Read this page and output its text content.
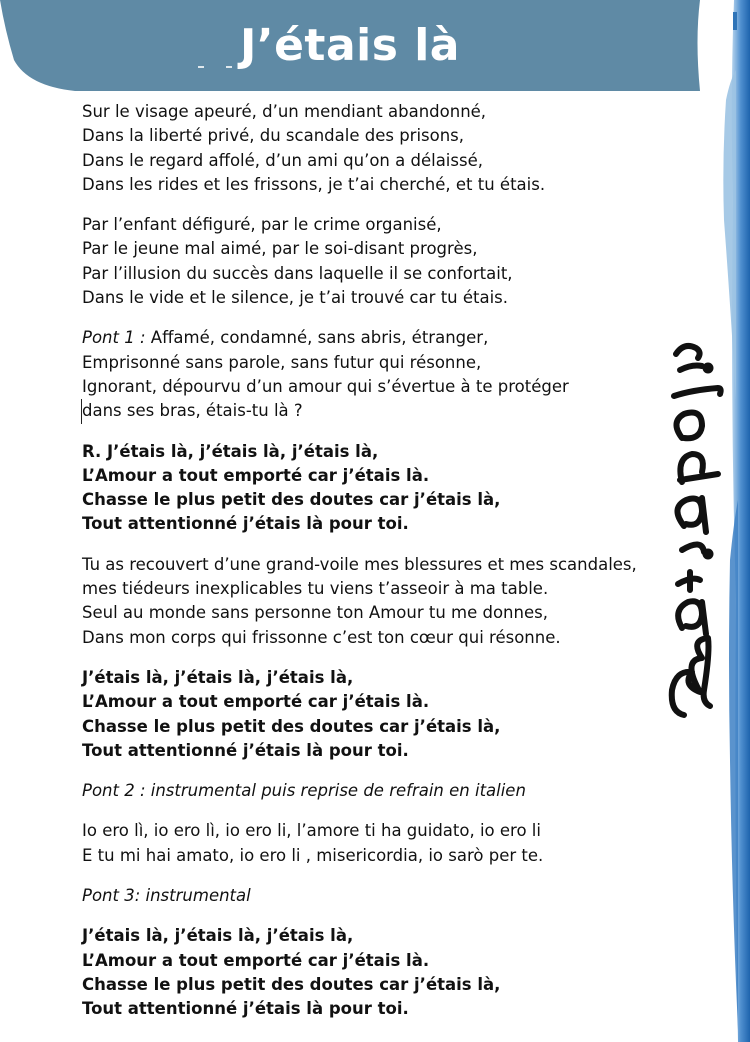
J’étais là
Sur le visage apeuré, d’un mendiant abandonné,
Dans la liberté privé, du scandale des prisons,
Dans le regard affolé, d’un ami qu’on a délaissé,
Dans les rides et les frissons, je t’ai cherché, et tu étais.
Par l’enfant défiguré, par le crime organisé,
Par le jeune mal aimé, par le soi-disant progrès,
Par l’illusion du succès dans laquelle il se confortait,
Dans le vide et le silence, je t’ai trouvé car tu étais.
Pont 1 : Affamé, condamné, sans abris, étranger,
Emprisonné sans parole, sans futur qui résonne,
Ignorant, dépourvu d’un amour qui s’évertue à te protéger
dans ses bras, étais-tu là ?
R. J’étais là, j’étais là, j’étais là,
L’Amour a tout emporté car j’étais là.
Chasse le plus petit des doutes car j’étais là,
Tout attentionné j’étais là pour toi.
Tu as recouvert d’une grand-voile mes blessures et mes scandales,
mes tiédeurs inexplicables tu viens t’asseoir à ma table.
Seul au monde sans personne ton Amour tu me donnes,
Dans mon corps qui frissonne c’est ton cœur qui résonne.
J’étais là, j’étais là, j’étais là,
L’Amour a tout emporté car j’étais là.
Chasse le plus petit des doutes car j’étais là,
Tout attentionné j’étais là pour toi.
Pont 2 : instrumental puis reprise de refrain en italien
Io ero lì, io ero lì, io ero li, l’amore ti ha guidato, io ero li
E tu mi hai amato, io ero li , misericordia, io sarò per te.
Pont 3: instrumental
J’étais là, j’étais là, j’étais là,
L’Amour a tout emporté car j’étais là.
Chasse le plus petit des doutes car j’étais là,
Tout attentionné j’étais là pour toi.
